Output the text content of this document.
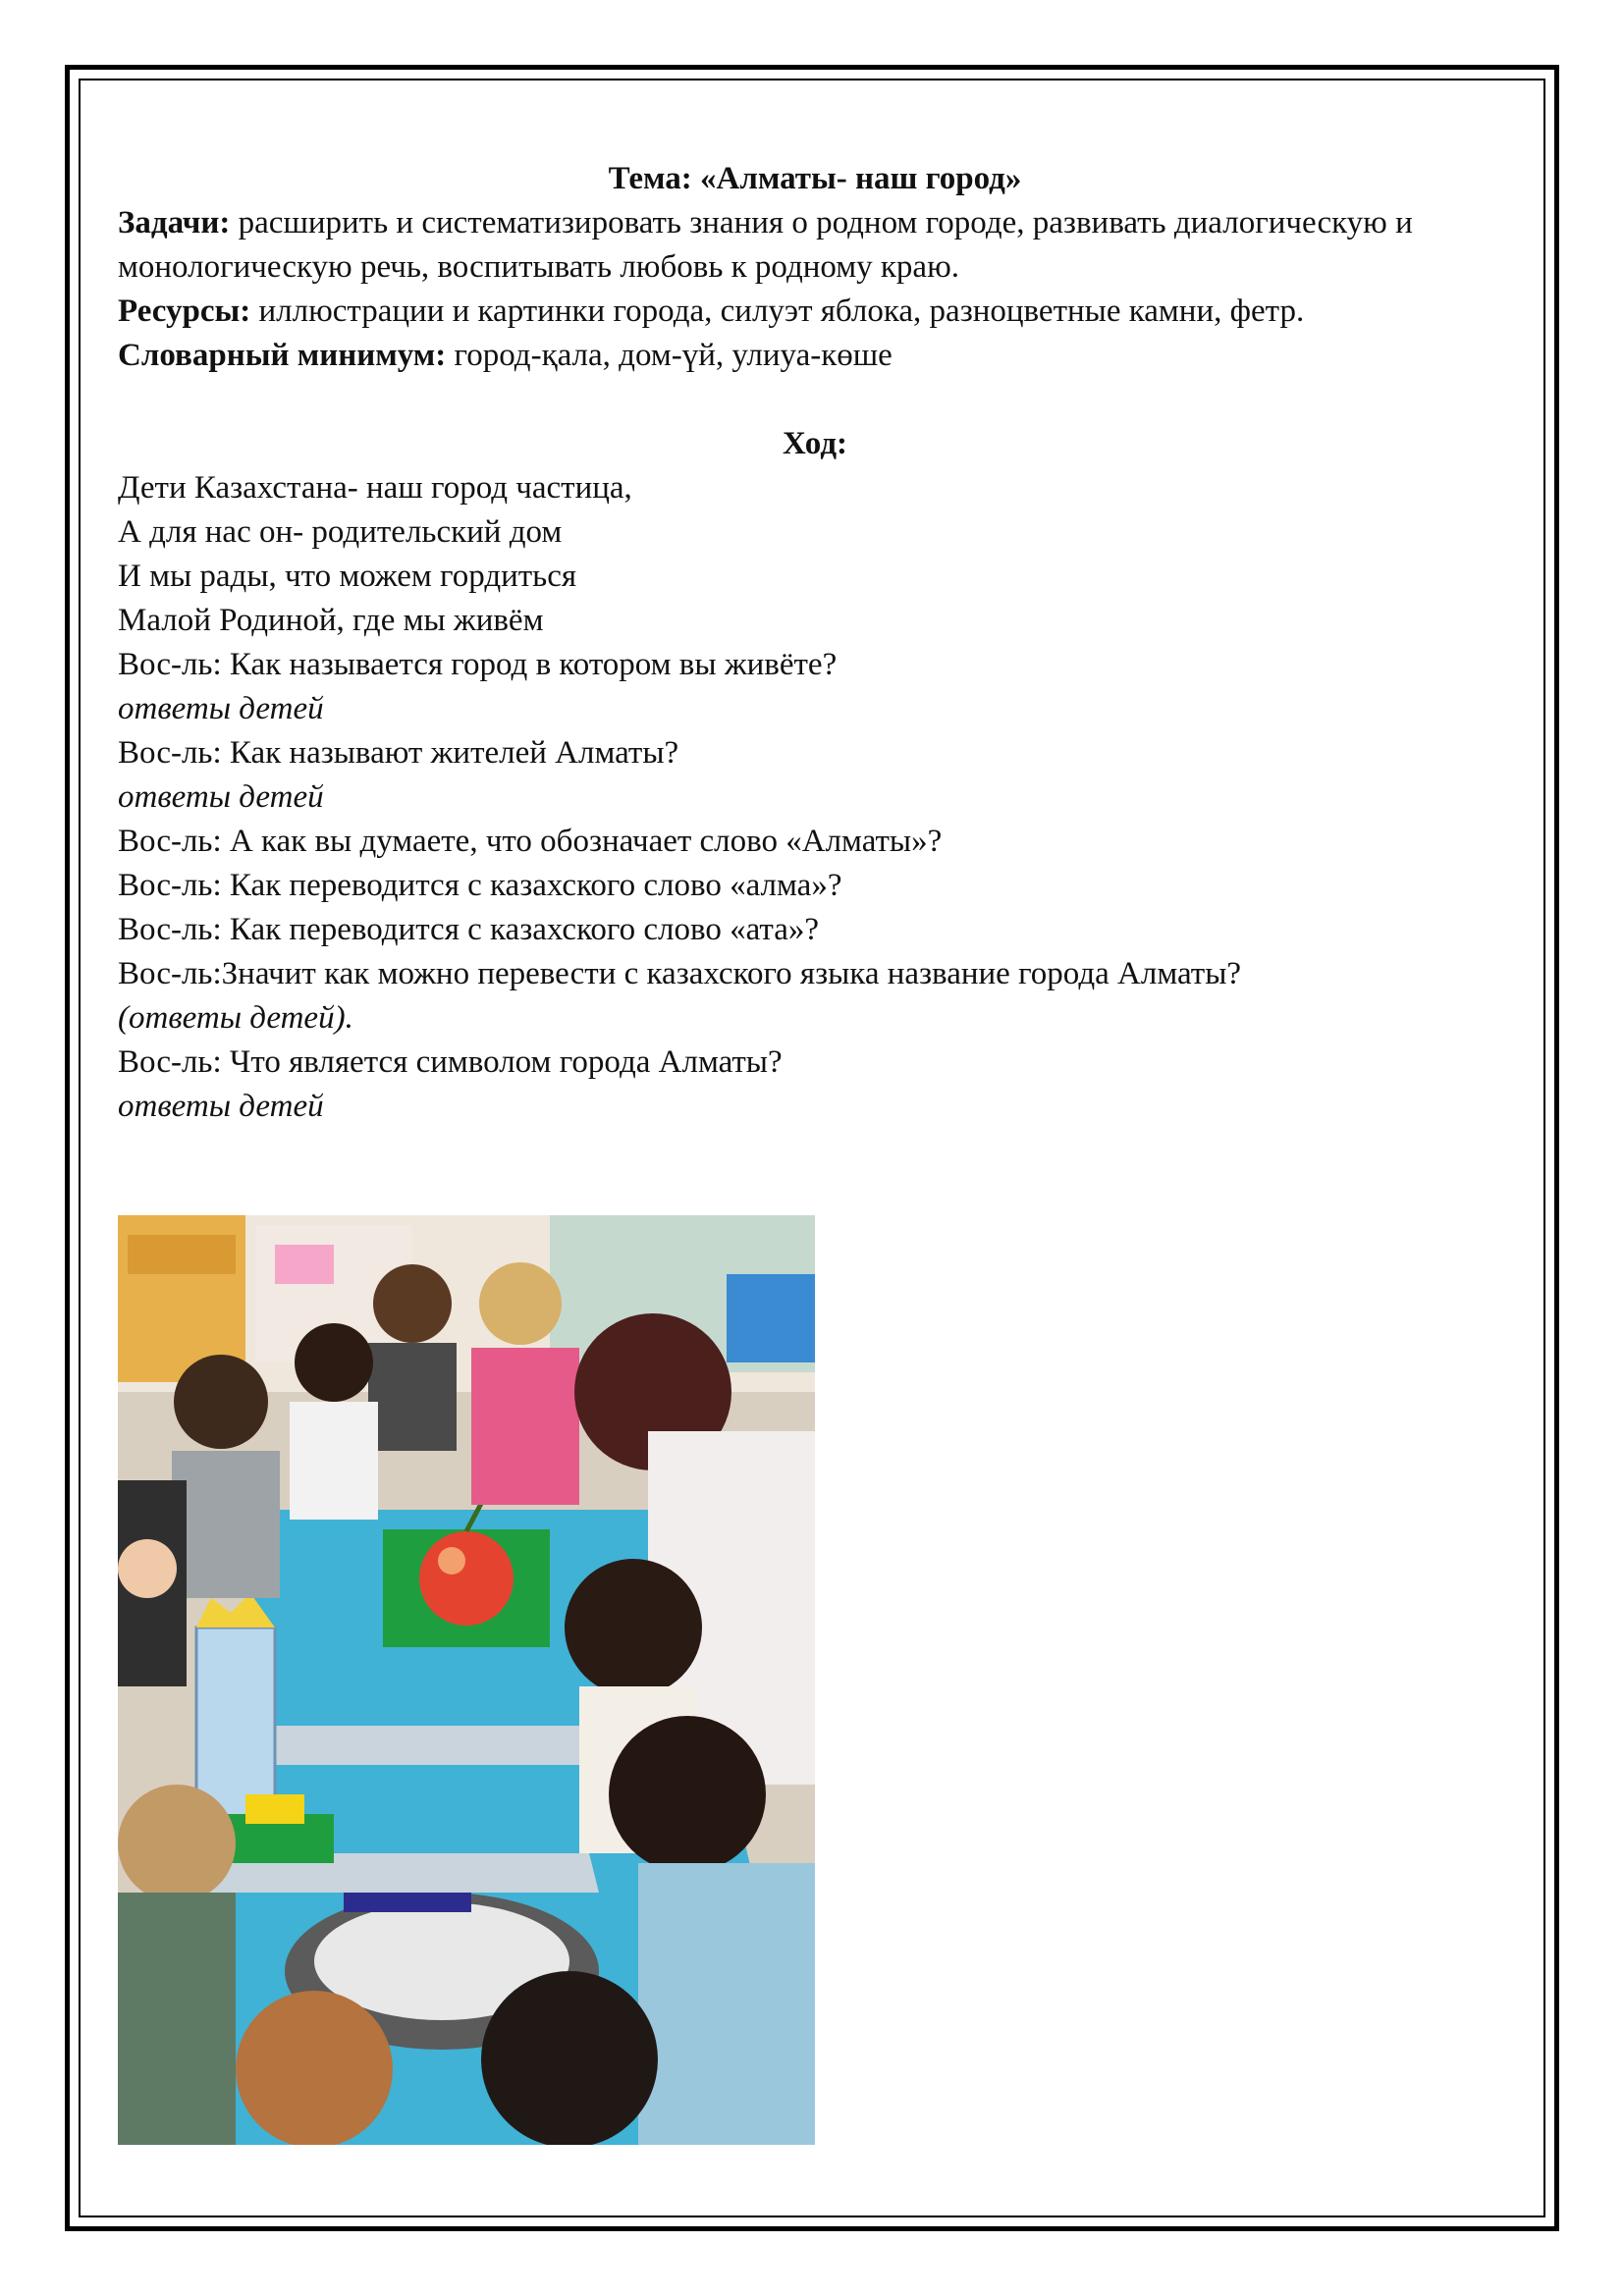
Тема: «Алматы- наш город»

Задачи: расширить и систематизировать знания о родном городе, развивать диалогическую и монологическую речь, воспитывать любовь к родному краю.

Ресурсы: иллюстрации и картинки города, силуэт яблока, разноцветные камни, фетр.

Словарный минимум: город-қала, дом-үй, улиуа-көше

Ход:

Дети Казахстана- наш город частица,

А для нас он- родительский дом

И мы рады, что можем гордиться

Малой Родиной, где мы живём

Вос-ль: Как называется город в котором вы живёте?

ответы детей

Вос-ль: Как называют жителей Алматы?

ответы детей

Вос-ль: А как вы думаете, что обозначает слово «Алматы»?

Вос-ль: Как переводится с казахского слово «алма»?

Вос-ль: Как переводится с казахского слово «ата»?

Вос-ль:Значит как можно перевести с казахского языка название города Алматы?

(ответы детей).

Вос-ль: Что является символом города Алматы?

ответы детей
